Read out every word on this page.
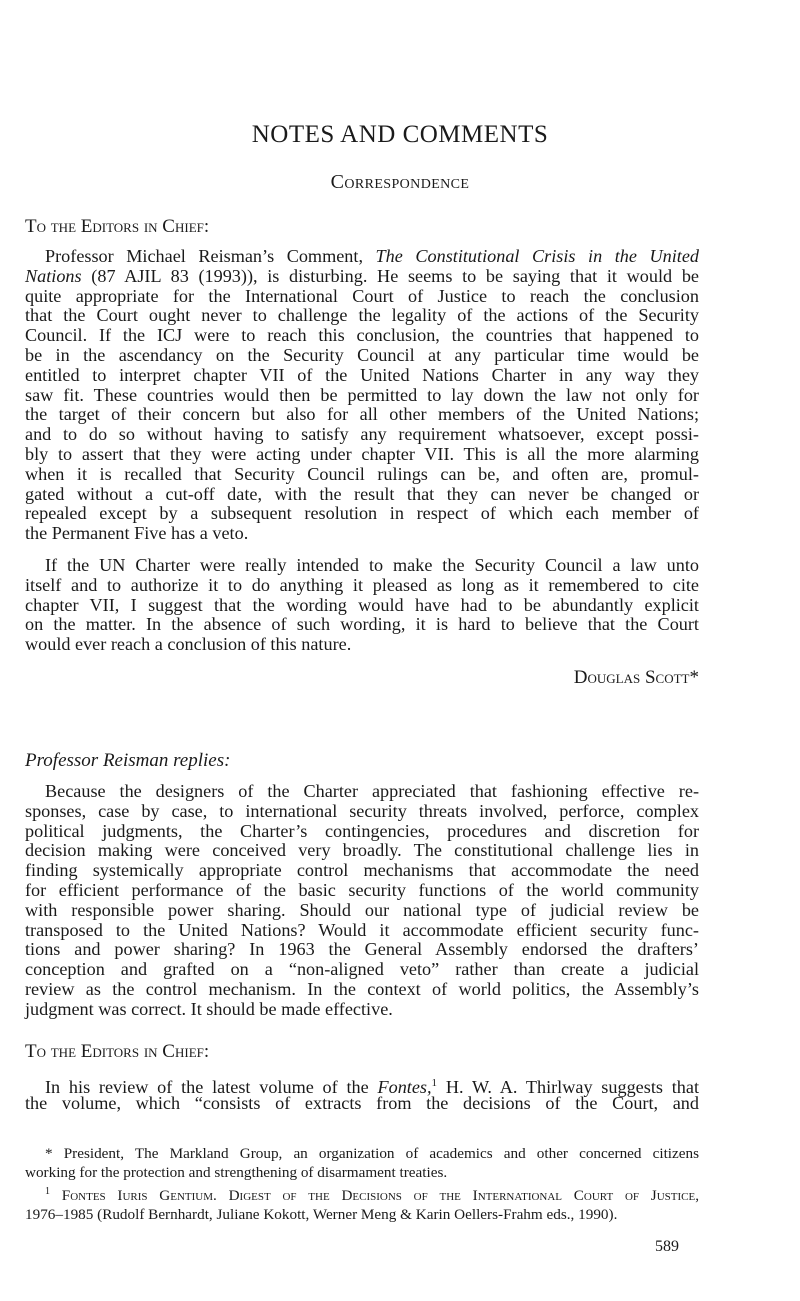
NOTES AND COMMENTS
Correspondence
To the Editors in Chief:
Professor Michael Reisman’s Comment, The Constitutional Crisis in the United
Nations (87 AJIL 83 (1993)), is disturbing. He seems to be saying that it would be
quite appropriate for the International Court of Justice to reach the conclusion
that the Court ought never to challenge the legality of the actions of the Security
Council. If the ICJ were to reach this conclusion, the countries that happened to
be in the ascendancy on the Security Council at any particular time would be
entitled to interpret chapter VII of the United Nations Charter in any way they
saw fit. These countries would then be permitted to lay down the law not only for
the target of their concern but also for all other members of the United Nations;
and to do so without having to satisfy any requirement whatsoever, except possi-
bly to assert that they were acting under chapter VII. This is all the more alarming
when it is recalled that Security Council rulings can be, and often are, promul-
gated without a cut-off date, with the result that they can never be changed or
repealed except by a subsequent resolution in respect of which each member of
the Permanent Five has a veto.
If the UN Charter were really intended to make the Security Council a law unto
itself and to authorize it to do anything it pleased as long as it remembered to cite
chapter VII, I suggest that the wording would have had to be abundantly explicit
on the matter. In the absence of such wording, it is hard to believe that the Court
would ever reach a conclusion of this nature.
Douglas Scott*
Professor Reisman replies:
Because the designers of the Charter appreciated that fashioning effective re-
sponses, case by case, to international security threats involved, perforce, complex
political judgments, the Charter’s contingencies, procedures and discretion for
decision making were conceived very broadly. The constitutional challenge lies in
finding systemically appropriate control mechanisms that accommodate the need
for efficient performance of the basic security functions of the world community
with responsible power sharing. Should our national type of judicial review be
transposed to the United Nations? Would it accommodate efficient security func-
tions and power sharing? In 1963 the General Assembly endorsed the drafters’
conception and grafted on a “non-aligned veto” rather than create a judicial
review as the control mechanism. In the context of world politics, the Assembly’s
judgment was correct. It should be made effective.
To the Editors in Chief:
In his review of the latest volume of the Fontes,$^1$ H. W. A. Thirlway suggests that
the volume, which “consists of extracts from the decisions of the Court, and
* President, The Markland Group, an organization of academics and other concerned citizens
working for the protection and strengthening of disarmament treaties.
$^1$ Fontes Iuris Gentium. Digest of the Decisions of the International Court of Justice,
1976–1985 (Rudolf Bernhardt, Juliane Kokott, Werner Meng & Karin Oellers-Frahm eds., 1990).
589
